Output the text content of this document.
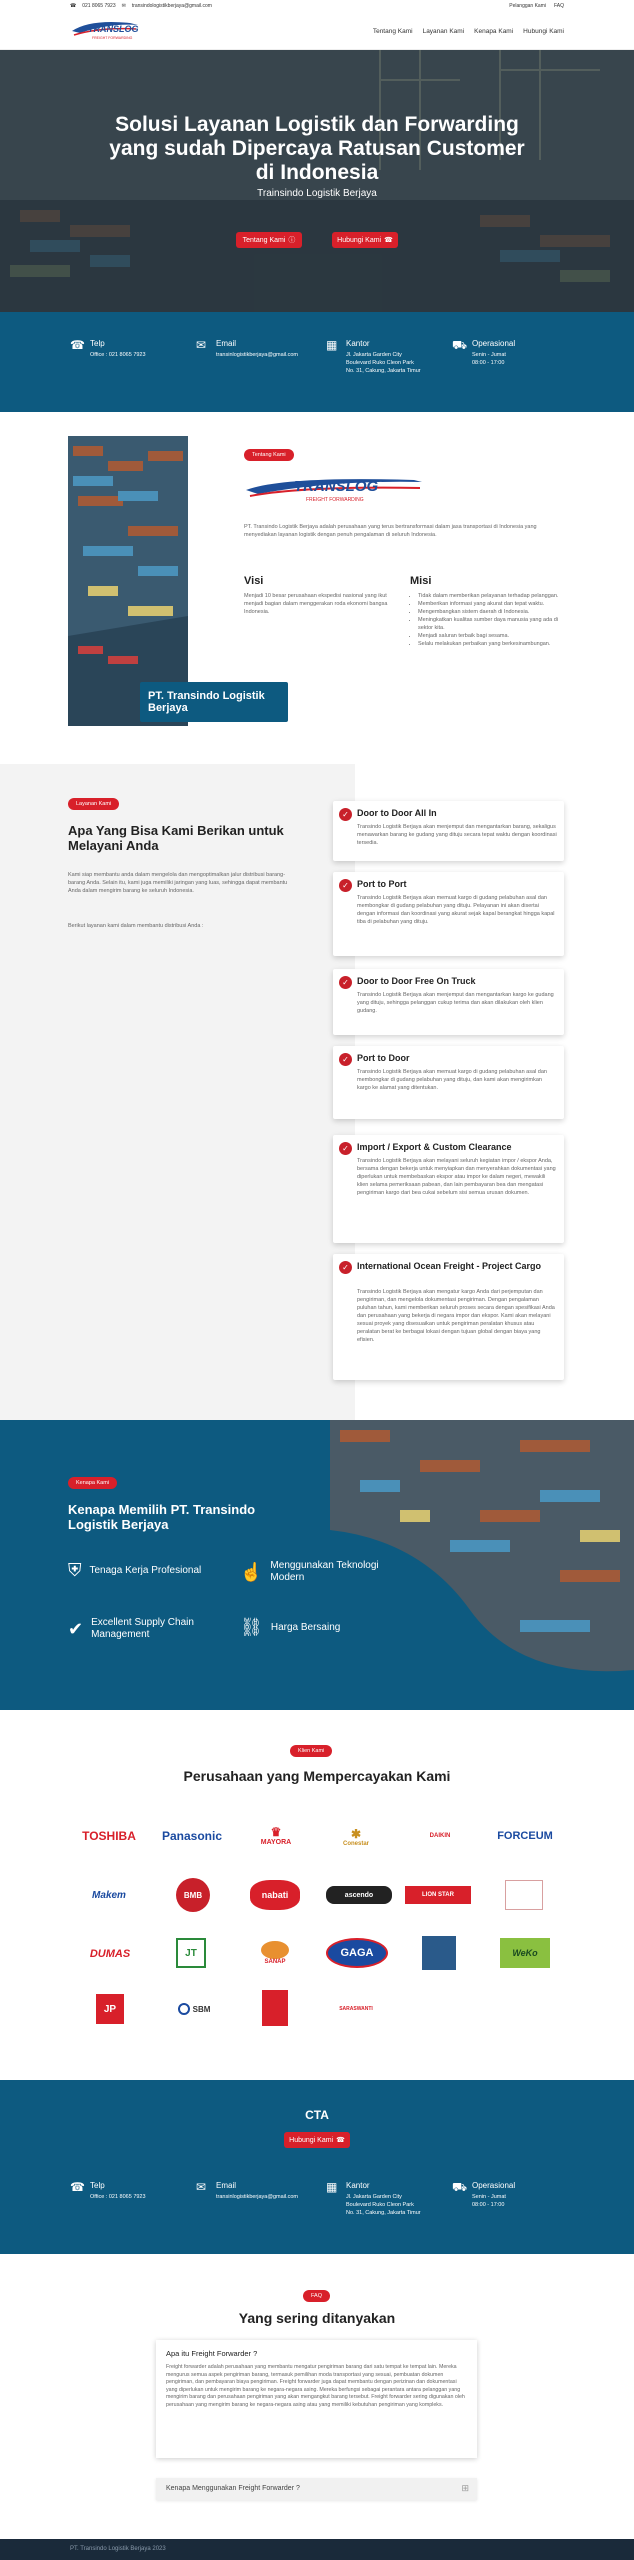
☎ 021 8065 7923 ✉ transindologistikberjaya@gmail.com	Pelanggan Kami FAQ
TRANSLOG
FREIGHT FORWARDING
Tentang Kami Layanan Kami Kenapa Kami Hubungi Kami
Solusi Layanan Logistik dan Forwarding yang sudah Dipercaya Ratusan Customer di Indonesia
Trainsindo Logistik Berjaya
Tentang Kami ⓘ	Hubungi Kami ☎
☎ Telp
Office : 021 8065 7923
✉	Email
transinlogistikberjaya@gmail.com
▦	Kantor
Jl. Jakarta Garden City
Boulevard Ruko Cleon Park
No. 31, Cakung, Jakarta Timur
⛟ Operasional
Senin - Jumat
08:00 - 17:00
PT. Transindo Logistik Berjaya
Tentang Kami
TRANSLOG
FREIGHT FORWARDING
PT. Transindo Logistik Berjaya adalah perusahaan yang terus bertransformasi dalam jasa transportasi di Indonesia yang menyediakan layanan logistik dengan penuh pengalaman di seluruh Indonesia.
Visi
Menjadi 10 besar perusahaan ekspedisi nasional yang ikut menjadi bagian dalam menggerakan roda ekonomi bangsa Indonesia.
Misi
• Tidak dalam memberikan pelayanan terhadap pelanggan.
• Memberikan informasi yang akurat dan tepat waktu.
• Mengembangkan sistem daerah di Indonesia.
• Meningkatkan kualitas sumber daya manusia yang ada di sektor kita.
• Menjadi saluran terbaik bagi sesama.
• Selalu melakukan perbaikan yang berkesinambungan.
Layanan Kami
Apa Yang Bisa Kami Berikan untuk Melayani Anda
Kami siap membantu anda dalam mengelola dan mengoptimalkan jalur distribusi barang-barang Anda. Selain itu, kami juga memiliki jaringan yang luas, sehingga dapat membantu Anda dalam mengirim barang ke seluruh Indonesia.
Berikut layanan kami dalam membantu distribusi Anda :
✓ Door to Door All In
Transindo Logistik Berjaya akan menjemput dan mengantarkan barang, sekaligus menawarkan barang ke gudang yang dituju secara tepat waktu dengan koordinasi tersedia.
✓ Port to Port
Transindo Logistik Berjaya akan memuat kargo di gudang pelabuhan asal dan membongkar di gudang pelabuhan yang dituju. Pelayanan ini akan disertai dengan informasi dan koordinasi yang akurat sejak kapal berangkat hingga kapal tiba di pelabuhan yang dituju.
✓ Door to Door Free On Truck
Transindo Logistik Berjaya akan menjemput dan mengantarkan kargo ke gudang yang dituju, sehingga pelanggan cukup terima dan akan dilakukan oleh klien gudang.
✓ Port to Door
Transindo Logistik Berjaya akan memuat kargo di gudang pelabuhan asal dan membongkar di gudang pelabuhan yang dituju, dan kami akan mengirimkan kargo ke alamat yang ditentukan.
✓ Import / Export & Custom Clearance
Transindo Logistik Berjaya akan melayani seluruh kegiatan impor / ekspor Anda, bersama dengan bekerja untuk menyiapkan dan menyerahkan dokumentasi yang diperlukan untuk membebaskan ekspor atau impor ke dalam negeri, mewakili klien selama pemeriksaan pabean, dan lain pembayaran bea dan mengatasi pengiriman kargo dari bea cukai sebelum sisi semua urusan dokumen.
✓ International Ocean Freight - Project Cargo
Transindo Logistik Berjaya akan mengatur kargo Anda dari perjemputan dan pengiriman, dan mengelola dokumentasi pengiriman. Dengan pengalaman puluhan tahun, kami memberikan seluruh proses secara dengan spesifikasi Anda dan perusahaan yang bekerja di negara impor dan ekspor. Kami akan melayani sesuai proyek yang disesuaikan untuk pengiriman peralatan khusus atau peralatan berat ke berbagai lokasi dengan tujuan global dengan biaya yang efisien.
Kenapa Kami
Kenapa Memilih PT. Transindo Logistik Berjaya
⛨ Tenaga Kerja Profesional ☝ Menggunakan Teknologi Modern
✔ Excellent Supply Chain Management	⛓ Harga Bersaing
Klien Kami
Perusahaan yang Mempercayakan Kami
TOSHIBA	Panasonic	♛
MAYORA
✱
Conestar
DAIKIN	FORCEUM
Makem	BMB	nabati	ascendo	LION STAR
DUMAS	JT
SANAP
GAGA	WeKo
JP	SBM	SARASWANTI
CTA
Hubungi Kami ☎
☎ Telp
Office : 021 8065 7923
✉	Email
transinlogistikberjaya@gmail.com
▦	Kantor
Jl. Jakarta Garden City
Boulevard Ruko Cleon Park
No. 31, Cakung, Jakarta Timur
⛟ Operasional
Senin - Jumat
08:00 - 17:00
FAQ
Yang sering ditanyakan
Apa itu Freight Forwarder ?
Freight forwarder adalah perusahaan yang membantu mengatur pengiriman barang dari satu tempat ke tempat lain. Mereka mengurus semua aspek pengiriman barang, termasuk pemilihan moda transportasi yang sesuai, pembuatan dokumen pengiriman, dan pembayaran biaya pengiriman. Freight forwarder juga dapat membantu dengan perizinan dan dokumentasi yang diperlukan untuk mengirim barang ke negara-negara asing. Mereka berfungsi sebagai perantara antara pelanggan yang mengirim barang dan perusahaan pengiriman yang akan mengangkut barang tersebut. Freight forwarder sering digunakan oleh perusahaan yang mengirim barang ke negara-negara asing atau yang memiliki kebutuhan pengiriman yang kompleks.
Kenapa Menggunakan Freight Forwarder ?	⊞
PT. Transindo Logistik Berjaya 2023
